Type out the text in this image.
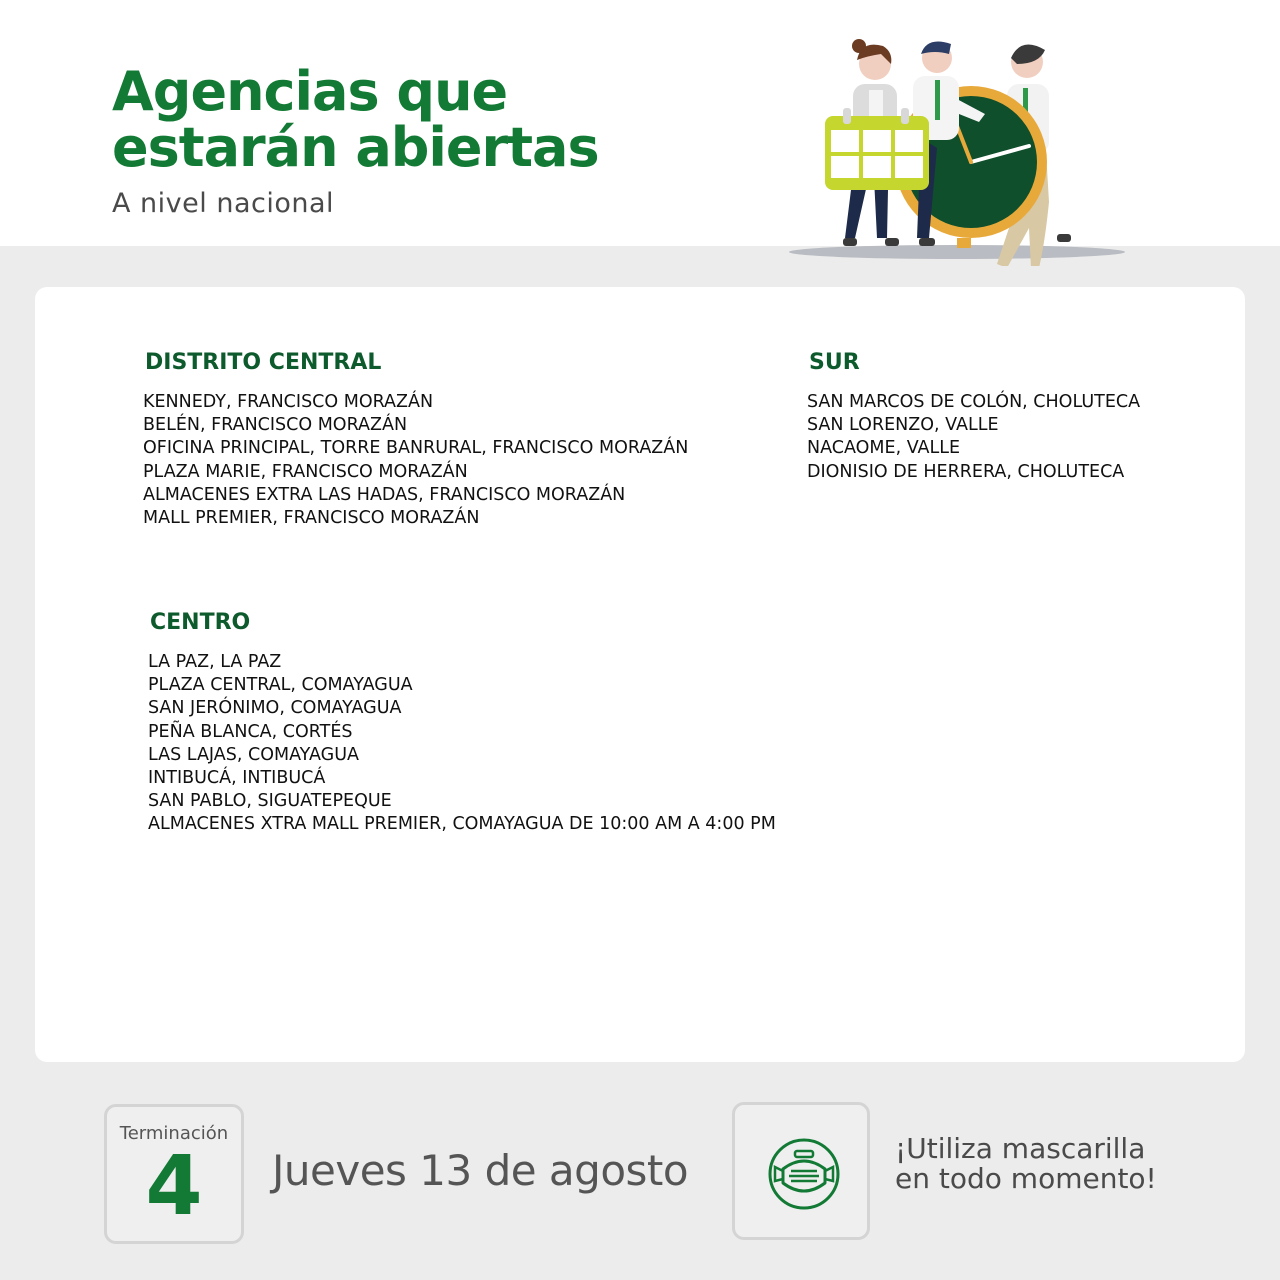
Agencias que
estarán abiertas
A nivel nacional
DISTRITO CENTRAL
KENNEDY, FRANCISCO MORAZÁN
BELÉN, FRANCISCO MORAZÁN
OFICINA PRINCIPAL, TORRE BANRURAL, FRANCISCO MORAZÁN
PLAZA MARIE, FRANCISCO MORAZÁN
ALMACENES EXTRA LAS HADAS, FRANCISCO MORAZÁN
MALL PREMIER, FRANCISCO MORAZÁN
SUR
SAN MARCOS DE COLÓN, CHOLUTECA
SAN LORENZO, VALLE
NACAOME, VALLE
DIONISIO DE HERRERA, CHOLUTECA
CENTRO
LA PAZ, LA PAZ
PLAZA CENTRAL, COMAYAGUA
SAN JERÓNIMO, COMAYAGUA
PEÑA BLANCA, CORTÉS
LAS LAJAS, COMAYAGUA
INTIBUCÁ, INTIBUCÁ
SAN PABLO, SIGUATEPEQUE
ALMACENES XTRA MALL PREMIER, COMAYAGUA DE 10:00 AM A 4:00 PM
Terminación
4	Jueves 13 de agosto	¡Utiliza mascarilla
en todo momento!
